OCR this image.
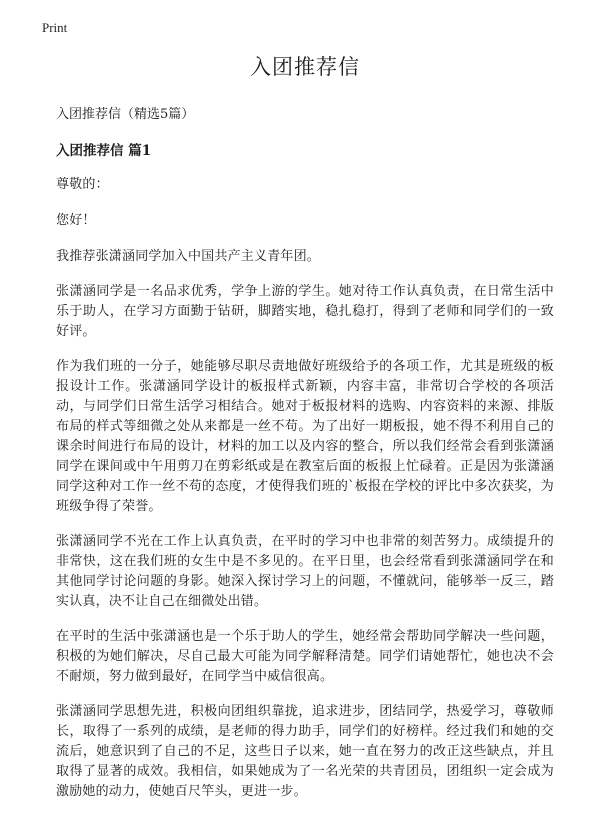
Print
入团推荐信
入团推荐信（精选5篇）
入团推荐信 篇1

尊敬的：

您好！

我推荐张潇涵同学加入中国共产主义青年团。

张潇涵同学是一名品求优秀，学争上游的学生。她对待工作认真负责，在日常生活中乐于助人，在学习方面勤于钻研，脚踏实地，稳扎稳打，得到了老师和同学们的一致好评。

作为我们班的一分子，她能够尽职尽责地做好班级给予的各项工作，尤其是班级的板报设计工作。张潇涵同学设计的板报样式新颖，内容丰富，非常切合学校的各项活动，与同学们日常生活学习相结合。她对于板报材料的选购、内容资料的来源、排版布局的样式等细微之处从来都是一丝不苟。为了出好一期板报，她不得不利用自己的课余时间进行布局的设计，材料的加工以及内容的整合，所以我们经常会看到张潇涵同学在课间或中午用剪刀在剪彩纸或是在教室后面的板报上忙碌着。正是因为张潇涵同学这种对工作一丝不苟的态度，才使得我们班的`板报在学校的评比中多次获奖，为班级争得了荣誉。

张潇涵同学不光在工作上认真负责，在平时的学习中也非常的刻苦努力。成绩提升的非常快，这在我们班的女生中是不多见的。在平日里，也会经常看到张潇涵同学在和其他同学讨论问题的身影。她深入探讨学习上的问题，不懂就问，能够举一反三，踏实认真，决不让自己在细微处出错。

在平时的生活中张潇涵也是一个乐于助人的学生，她经常会帮助同学解决一些问题，积极的为她们解决，尽自己最大可能为同学解释清楚。同学们请她帮忙，她也决不会不耐烦，努力做到最好，在同学当中威信很高。

张潇涵同学思想先进，积极向团组织靠拢，追求进步，团结同学，热爱学习，尊敬师长，取得了一系列的成绩，是老师的得力助手，同学们的好榜样。经过我们和她的交流后，她意识到了自己的不足，这些日子以来，她一直在努力的改正这些缺点，并且取得了显著的成效。我相信，如果她成为了一名光荣的共青团员，团组织一定会成为激励她的动力，使她百尺竿头，更进一步。
